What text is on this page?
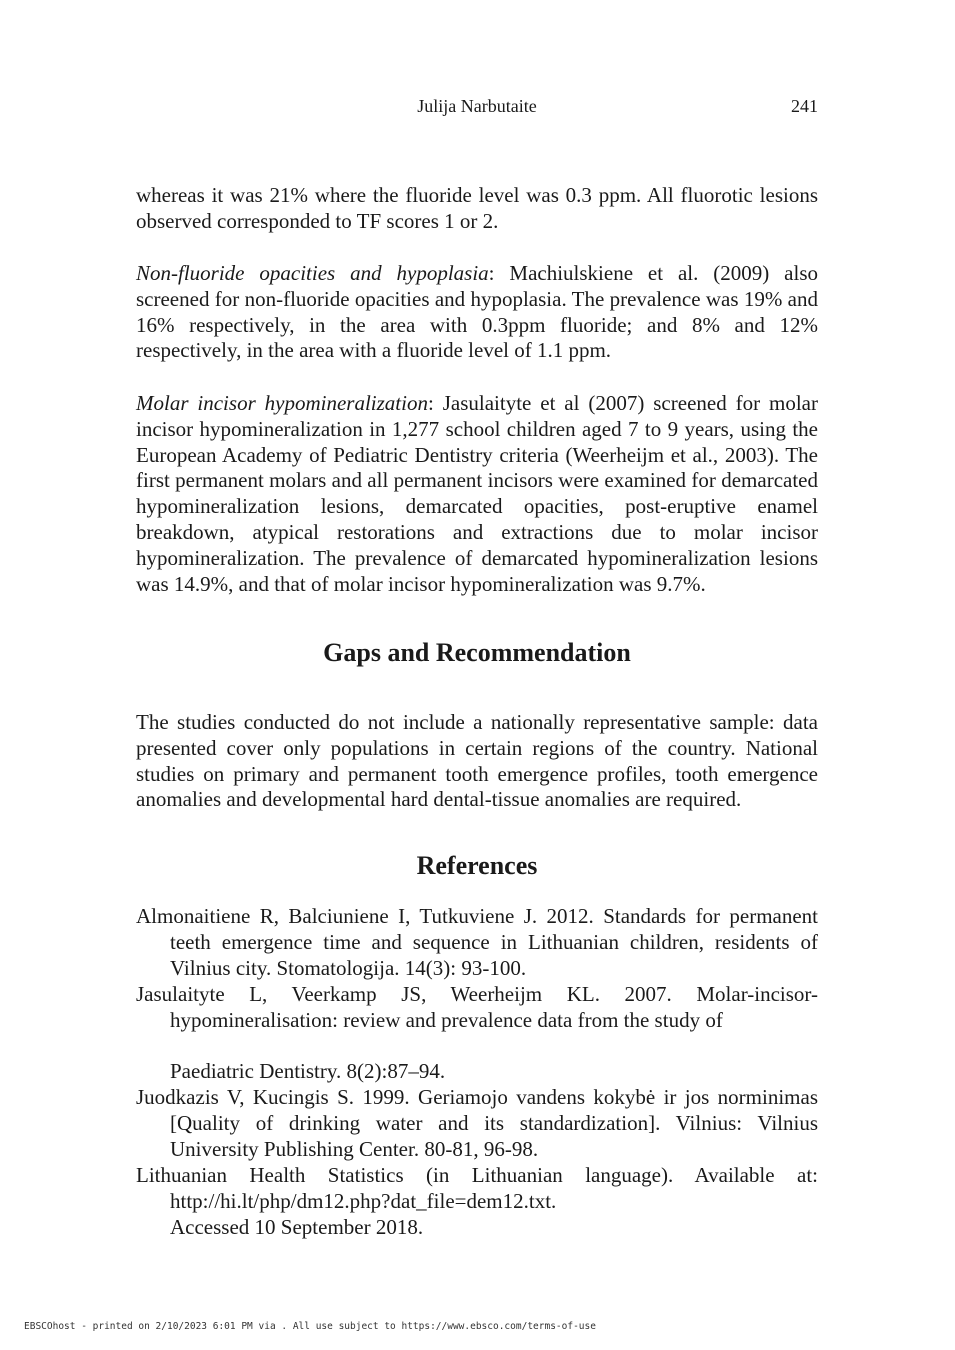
Julija Narbutaite	241

whereas it was 21% where the fluoride level was 0.3 ppm. All fluorotic lesions observed corresponded to TF scores 1 or 2.

Non-fluoride opacities and hypoplasia: Machiulskiene et al. (2009) also screened for non-fluoride opacities and hypoplasia. The prevalence was 19% and 16% respectively, in the area with 0.3ppm fluoride; and 8% and 12% respectively, in the area with a fluoride level of 1.1 ppm.

Molar incisor hypomineralization: Jasulaityte et al (2007) screened for molar incisor hypomineralization in 1,277 school children aged 7 to 9 years, using the European Academy of Pediatric Dentistry criteria (Weerheijm et al., 2003). The first permanent molars and all permanent incisors were examined for demarcated hypomineralization lesions, demarcated opacities, post-eruptive enamel breakdown, atypical restorations and extractions due to molar incisor hypomineralization. The prevalence of demarcated hypomineralization lesions was 14.9%, and that of molar incisor hypomineralization was 9.7%.

Gaps and Recommendation

The studies conducted do not include a nationally representative sample: data presented cover only populations in certain regions of the country. National studies on primary and permanent tooth emergence profiles, tooth emergence anomalies and developmental hard dental-tissue anomalies are required.

References

Almonaitiene R, Balciuniene I, Tutkuviene J. 2012. Standards for permanent teeth emergence time and sequence in Lithuanian children, residents of Vilnius city. Stomatologija. 14(3): 93-100.

Jasulaityte L, Veerkamp JS, Weerheijm KL. 2007. Molar-incisor-hypomineralisation: review and prevalence data from the study of

Paediatric Dentistry. 8(2):87–94.

Juodkazis V, Kucingis S. 1999. Geriamojo vandens kokybė ir jos norminimas [Quality of drinking water and its standardization]. Vilnius: Vilnius University Publishing Center. 80-81, 96-98.

Lithuanian Health Statistics (in Lithuanian language). Available at: http://hi.lt/php/dm12.php?dat_file=dem12.txt.

Accessed 10 September 2018.

EBSCOhost - printed on 2/10/2023 6:01 PM via . All use subject to https://www.ebsco.com/terms-of-use
